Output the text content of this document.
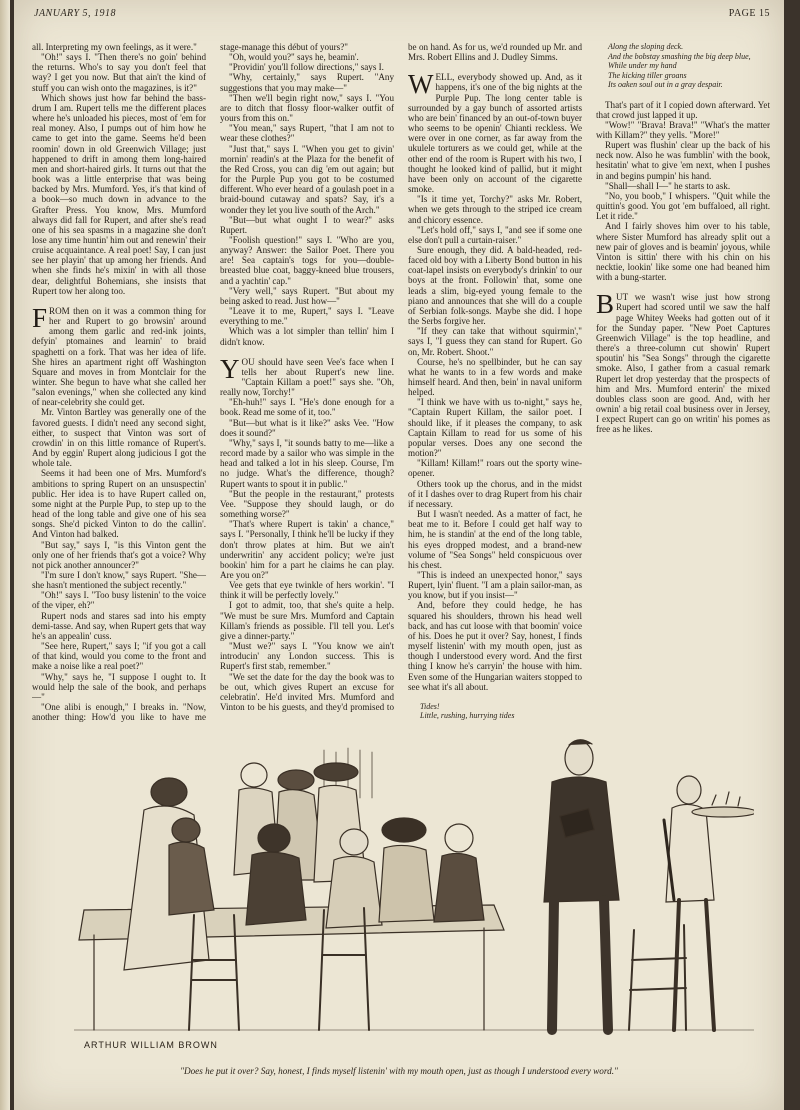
JANUARY 5, 1918	PAGE 15

all. Interpreting my own feelings, as it were."

"Oh!" says I. "Then there's no goin' behind the returns. Who's to say you don't feel that way? I get you now. But that ain't the kind of stuff you can wish onto the magazines, is it?"

Which shows just how far behind the bass-drum I am. Rupert tells me the different places where he's unloaded his pieces, most of 'em for real money. Also, I pumps out of him how he came to get into the game. Seems he'd been roomin' down in old Greenwich Village; just happened to drift in among them long-haired men and short-haired girls. It turns out that the book was a little enterprise that was being backed by Mrs. Mumford. Yes, it's that kind of a book—so much down in advance to the Grafter Press. You know, Mrs. Mumford always did fall for Rupert, and after she's read one of his sea spasms in a magazine she don't lose any time huntin' him out and renewin' their cruise acquaintance. A real poet! Say, I can just see her playin' that up among her friends. And when she finds he's mixin' in with all those dear, delightful Bohemians, she insists that Rupert tow her along too.

FROM then on it was a common thing for her and Rupert to go browsin' around among them garlic and red-ink joints, defyin' ptomaines and learnin' to braid spaghetti on a fork. That was her idea of life. She hires an apartment right off Washington Square and moves in from Montclair for the winter. She begun to have what she called her "salon evenings," when she collected any kind of near-celebrity she could get.

Mr. Vinton Bartley was generally one of the favored guests. I didn't need any second sight, either, to suspect that Vinton was sort of crowdin' in on this little romance of Rupert's. And by eggin' Rupert along judicious I got the whole tale.

Seems it had been one of Mrs. Mumford's ambitions to spring Rupert on an unsuspectin' public. Her idea is to have Rupert called on, some night at the Purple Pup, to step up to the head of the long table and give one of his sea songs. She'd picked Vinton to do the callin'. And Vinton had balked.

"But say," says I, "is this Vinton gent the only one of her friends that's got a voice? Why not pick another announcer?"

"I'm sure I don't know," says Rupert. "She—she hasn't mentioned the subject recently."

"Oh!" says I. "Too busy listenin' to the voice of the viper, eh?"

Rupert nods and stares sad into his empty demi-tasse. And say, when Rupert gets that way he's an appealin' cuss.

"See here, Rupert," says I; "if you got a call of that kind, would you come to the front and make a noise like a real poet?"

"Why," says he, "I suppose I ought to. It would help the sale of the book, and perhaps—"

"One alibi is enough," I breaks in. "Now, another thing: How'd you like to have me stage-manage this début of yours?"

"Oh, would you?" says he, beamin'.

"Providin' you'll follow directions," says I.

"Why, certainly," says Rupert. "Any suggestions that you may make—"

"Then we'll begin right now," says I. "You are to ditch that flossy floor-walker outfit of yours from this on."

"You mean," says Rupert, "that I am not to wear these clothes?"

"Just that," says I. "When you get to givin' mornin' readin's at the Plaza for the benefit of the Red Cross, you can dig 'em out again; but for the Purple Pup you got to be costumed different. Who ever heard of a goulash poet in a braid-bound cutaway and spats? Say, it's a wonder they let you live south of the Arch."

"But—but what ought I to wear?" asks Rupert.

"Foolish question!" says I. "Who are you, anyway? Answer: the Sailor Poet. There you are! Sea captain's togs for you—double-breasted blue coat, baggy-kneed blue trousers, and a yachtin' cap."

"Very well," says Rupert. "But about my being asked to read. Just how—"

"Leave it to me, Rupert," says I. "Leave everything to me."

Which was a lot simpler than tellin' him I didn't know.

YOU should have seen Vee's face when I tells her about Rupert's new line. "Captain Killam a poet!" says she. "Oh, really now, Torchy!"

"Eh-huh!" says I. "He's done enough for a book. Read me some of it, too."

"But—but what is it like?" asks Vee. "How does it sound?"

"Why," says I, "it sounds batty to me—like a record made by a sailor who was simple in the head and talked a lot in his sleep. Course, I'm no judge. What's the difference, though? Rupert wants to spout it in public."

"But the people in the restaurant," protests Vee. "Suppose they should laugh, or do something worse?"

"That's where Rupert is takin' a chance," says I. "Personally, I think he'll be lucky if they don't throw plates at him. But we ain't underwritin' any accident policy; we're just bookin' him for a part he claims he can play. Are you on?"

Vee gets that eye twinkle of hers workin'. "I think it will be perfectly lovely."

I got to admit, too, that she's quite a help. "We must be sure Mrs. Mumford and Captain Killam's friends as possible. I'll tell you. Let's give a dinner-party."

"Must we?" says I. "You know we ain't introducin' any London success. This is Rupert's first stab, remember."

"We set the date for the day the book was to be out, which gives Rupert an excuse for celebratin'. He'd invited Mrs. Mumford and Vinton to be his guests, and they'd promised to be on hand. As for us, we'd rounded up Mr. and Mrs. Robert Ellins and J. Dudley Simms.

WELL, everybody showed up. And, as it happens, it's one of the big nights at the Purple Pup. The long center table is surrounded by a gay bunch of assorted artists who are bein' financed by an out-of-town buyer who seems to be openin' Chianti reckless. We were over in one corner, as far away from the ukulele torturers as we could get, while at the other end of the room is Rupert with his two, I thought he looked kind of pallid, but it might have been only on account of the cigarette smoke.

"Is it time yet, Torchy?" asks Mr. Robert, when we gets through to the striped ice cream and chicory essence.

"Let's hold off," says I, "and see if some one else don't pull a curtain-raiser."

Sure enough, they did. A bald-headed, red-faced old boy with a Liberty Bond button in his coat-lapel insists on everybody's drinkin' to our boys at the front. Followin' that, some one leads a slim, big-eyed young female to the piano and announces that she will do a couple of Serbian folk-songs. Maybe she did. I hope the Serbs forgive her.

"If they can take that without squirmin'," says I, "I guess they can stand for Rupert. Go on, Mr. Robert. Shoot."

Course, he's no spellbinder, but he can say what he wants to in a few words and make himself heard. And then, bein' in naval uniform helped.

"I think we have with us to-night," says he, "Captain Rupert Killam, the sailor poet. I should like, if it pleases the company, to ask Captain Killam to read for us some of his popular verses. Does any one second the motion?"

"Killam! Killam!" roars out the sporty wine-opener.

Others took up the chorus, and in the midst of it I dashes over to drag Rupert from his chair if necessary.

But I wasn't needed. As a matter of fact, he beat me to it. Before I could get half way to him, he is standin' at the end of the long table, his eyes dropped modest, and a brand-new volume of "Sea Songs" held conspicuous over his chest.

"This is indeed an unexpected honor," says Rupert, lyin' fluent. "I am a plain sailor-man, as you know, but if you insist—"

And, before they could hedge, he has squared his shoulders, thrown his head well back, and has cut loose with that boomin' voice of his. Does he put it over? Say, honest, I finds myself listenin' with my mouth open, just as though I understood every word. And the first thing I know he's carryin' the house with him. Even some of the Hungarian waiters stopped to see what it's all about.

Tides!
Little, rushing, hurrying tides
Along the sloping deck.
And the bobstay smashing the big deep blue,
While under my hand
The kicking tiller groans
Its oaken soul out in a gray despair.

That's part of it I copied down afterward. Yet that crowd just lapped it up.

"Wow!" "Brava! Brava!" "What's the matter with Killam?" they yells. "More!"

Rupert was flushin' clear up the back of his neck now. Also he was fumblin' with the book, hesitatin' what to give 'em next, when I pushes in and begins pumpin' his hand.

"Shall—shall I—" he starts to ask.

"No, you boob," I whispers. "Quit while the quittin's good. You got 'em buffaloed, all right. Let it ride."

And I fairly shoves him over to his table, where Sister Mumford has already split out a new pair of gloves and is beamin' joyous, while Vinton is sittin' there with his chin on his necktie, lookin' like some one had beaned him with a bung-starter.

BUT we wasn't wise just how strong Rupert had scored until we saw the half page Whitey Weeks had gotten out of it for the Sunday paper. "New Poet Captures Greenwich Village" is the top headline, and there's a three-column cut showin' Rupert spoutin' his "Sea Songs" through the cigarette smoke. Also, I gather from a casual remark Rupert let drop yesterday that the prospects of him and Mrs. Mumford enterin' the mixed doubles class soon are good. And, with her ownin' a big retail coal business over in Jersey, I expect Rupert can go on writin' his pomes as free as he likes.

ARTHUR WILLIAM BROWN
"Does he put it over? Say, honest, I finds myself listenin' with my mouth open, just as though I understood every word."
